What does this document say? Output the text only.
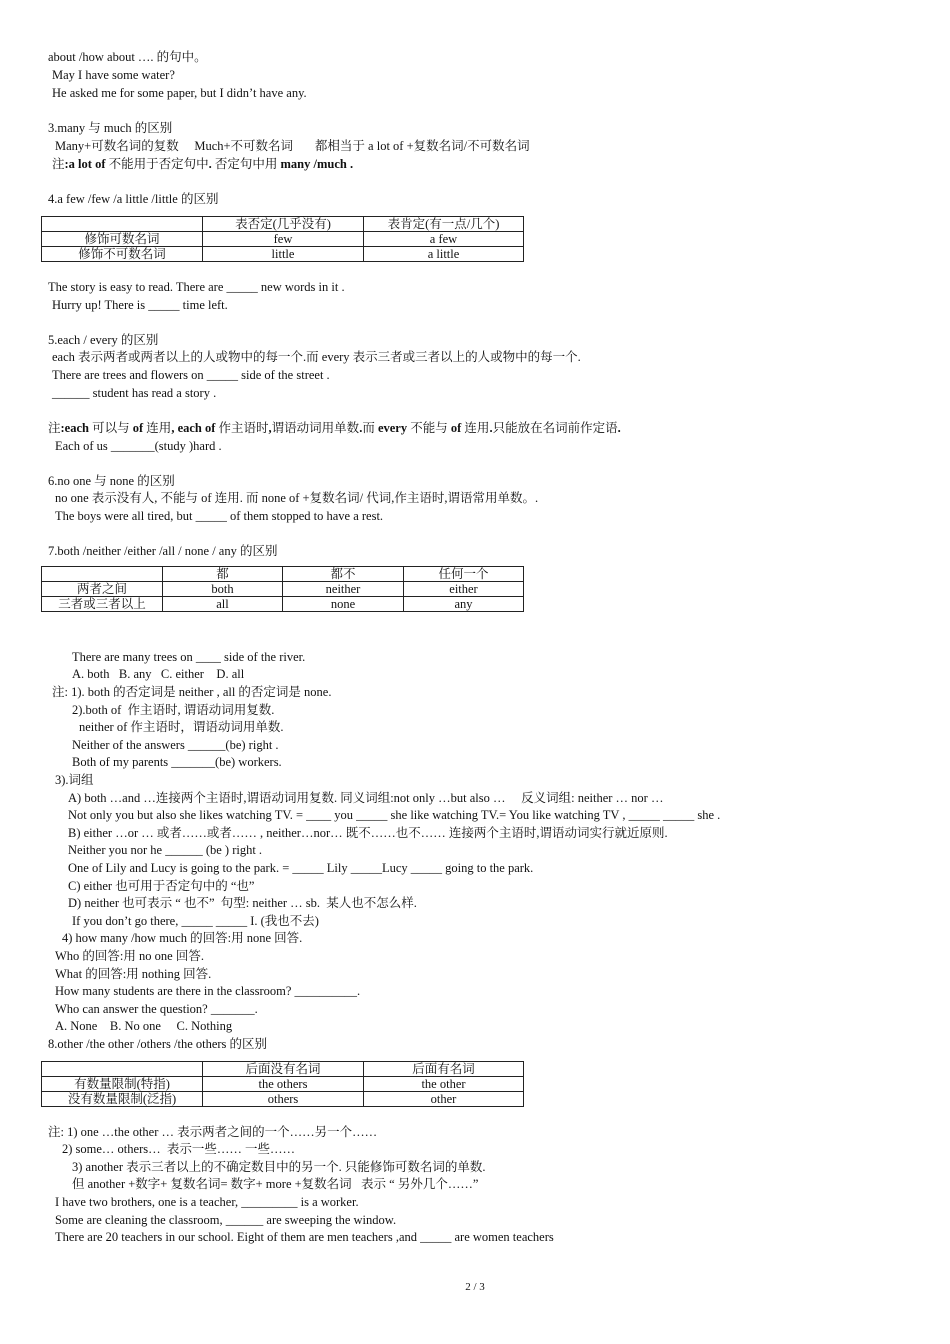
about /how about …. 的句中。
May I have some water?
He asked me for some paper, but I didn’t have any.
3.many 与 much 的区别
Many+可数名词的复数     Much+不可数名词       都相当于 a lot of +复数名词/不可数名词
注:a lot of 不能用于否定句中. 否定句中用 many /much .
4.a few /few /a little /little 的区别
	表否定(几乎没有)	表肯定(有一点/几个)
修饰可数名词	few	a few
修饰不可数名词	little	a little
The story is easy to read. There are _____ new words in it .
Hurry up! There is _____ time left.
5.each / every 的区别
each 表示两者或两者以上的人或物中的每一个.而 every 表示三者或三者以上的人或物中的每一个.
There are trees and flowers on _____ side of the street .
______ student has read a story .
注:each 可以与 of 连用, each of 作主语时,谓语动词用单数.而 every 不能与 of 连用.只能放在名词前作定语.
Each of us _______(study )hard .
6.no one 与 none 的区别
no one 表示没有人, 不能与 of 连用. 而 none of +复数名词/ 代词,作主语时,谓语常用单数。.
The boys were all tired, but _____ of them stopped to have a rest.
7.both /neither /either /all / none / any 的区别
	都	都不	任何一个
两者之间	both	neither	either
三者或三者以上	all	none	any
There are many trees on ____ side of the river.
A. both   B. any   C. either    D. all
注: 1). both 的否定词是 neither , all 的否定词是 none.
2).both of  作主语时, 谓语动词用复数.
neither of 作主语时，谓语动词用单数.
Neither of the answers ______(be) right .
Both of my parents _______(be) workers.
3).词组
A) both …and …连接两个主语时,谓语动词用复数. 同义词组:not only …but also …     反义词组: neither … nor …
Not only you but also she likes watching TV. = ____ you _____ she like watching TV.= You like watching TV , _____ _____ she .
B) either …or … 或者……或者…… , neither…nor… 既不……也不…… 连接两个主语时,谓语动词实行就近原则.
Neither you nor he ______ (be ) right .
One of Lily and Lucy is going to the park. = _____ Lily _____Lucy _____ going to the park.
C) either 也可用于否定句中的 “也”
D) neither 也可表示 “ 也不”  句型: neither … sb.  某人也不怎么样.
If you don’t go there, _____ _____ I. (我也不去)
4) how many /how much 的回答:用 none 回答.
Who 的回答:用 no one 回答.
What 的回答:用 nothing 回答.
How many students are there in the classroom? __________.
Who can answer the question? _______.
A. None    B. No one     C. Nothing
8.other /the other /others /the others 的区别
	后面没有名词	后面有名词
有数量限制(特指)	the others	the other
没有数量限制(泛指)	others	other
注: 1) one …the other … 表示两者之间的一个……另一个……
2) some… others…  表示一些…… 一些……
3) another 表示三者以上的不确定数目中的另一个. 只能修饰可数名词的单数.
但 another +数字+ 复数名词= 数字+ more +复数名词   表示 “ 另外几个……”
I have two brothers, one is a teacher, _________ is a worker.
Some are cleaning the classroom, ______ are sweeping the window.
There are 20 teachers in our school. Eight of them are men teachers ,and _____ are women teachers
2 / 3
